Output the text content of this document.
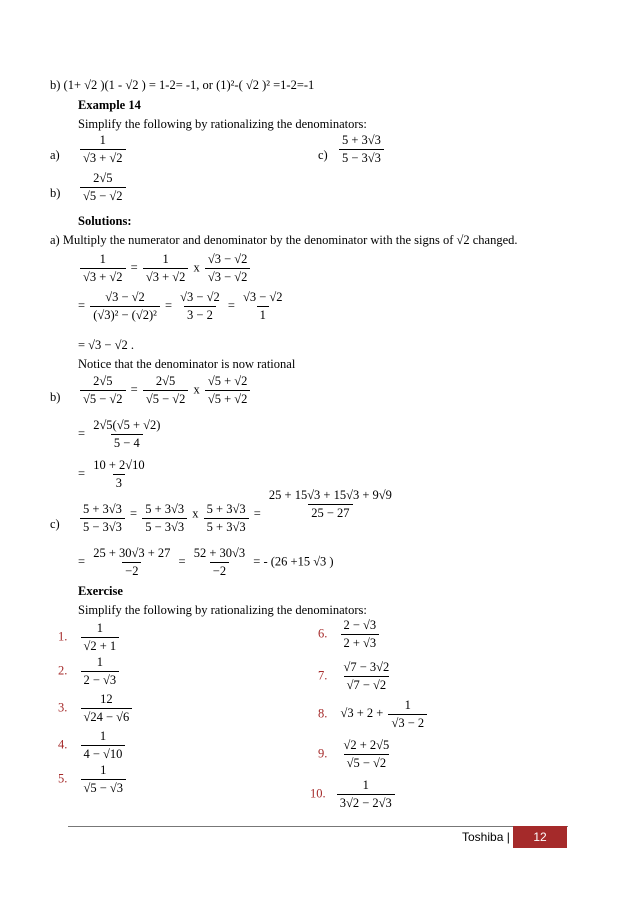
b) (1+ √2 )(1 - √2 ) = 1-2= -1, or (1)²-( √2 )² =1-2=-1
Example 14
Simplify the following by rationalizing the denominators:
$a) \frac{1}{√3 + √2}$	$c) \frac{5 + 3√3}{5 - 3√3}$
$b) \frac{2√5}{√5 - √2}$
Solutions:
a) Multiply the numerator and denominator by the denominator with the signs of √2 changed.
$\frac{1}{√3 + √2} = \frac{1}{√3 + √2}$ x $\frac{√3 - √2}{√3 - √2}$
= $\frac{√3 - √2}{\text{(√3)² − (√2)²}} = \frac{√3 - √2}{3 - 2} = \frac{√3 - √2}{1}$
= √3 − √2 .
Notice that the denominator is now rational
$b) \frac{2√5}{√5 - √2} = \frac{2√5}{√5 - √2}$ x $\frac{√5 + √2}{√5 + √2}$
= $\frac{2√5(√5 + √2)}{5 - 4}$
= $\frac{10 + 2√10}{3}$
$c) \frac{5 + 3√3}{5 - 3√3} = \frac{5 + 3√3}{5 - 3√3}$ x $\frac{5 + 3√3}{5 + 3√3} = \frac{25 + 15√3 + 15√3 + 9√9}{25 - 27}$
= $\frac{25 + 30√3 + 27}{-2} = \frac{52 + 30√3}{-2}$ = - (26 +15 √3 )
Exercise
Simplify the following by rationalizing the denominators:
1. $\frac{1}{√2 + 1}$
2. $\frac{1}{2 - √3}$
3. $\frac{12}{√24 - √6}$
4. $\frac{1}{4 - √10}$
5. $\frac{1}{√5 - √3}$
6. $\frac{2 - √3}{2 + √3}$
7. $\frac{√7 - 3√2}{√7 - √2}$
8. $√3 + 2 + \frac{1}{√3 - 2}$
9. $\frac{√2 + 2√5}{√5 - √2}$
10. $\frac{1}{3√2 - 2√3}$
Toshiba | 12
